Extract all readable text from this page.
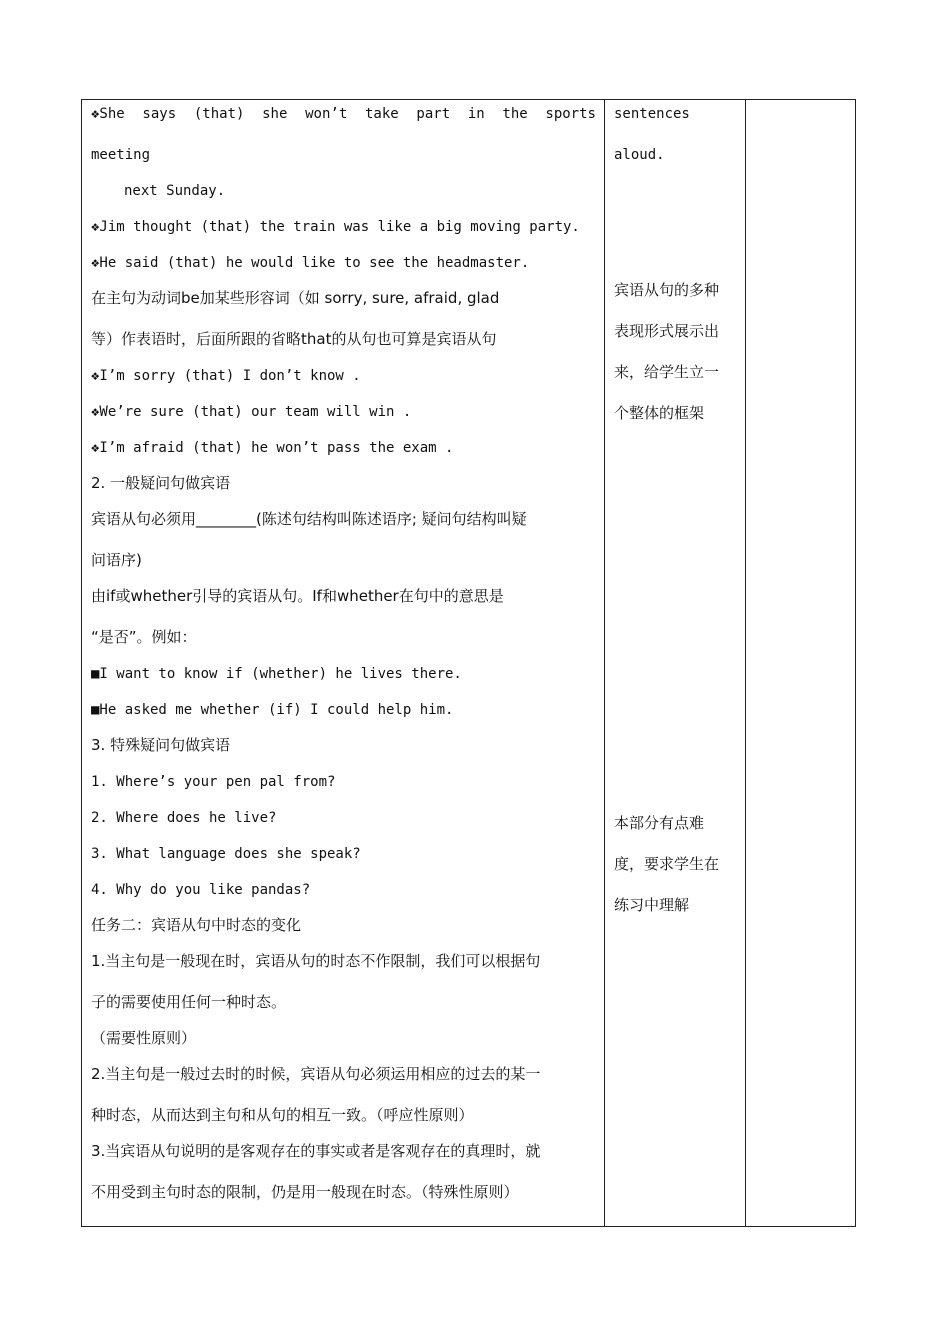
❖She says (that) she won’t take part in the sports
meeting
next Sunday.
❖Jim thought (that) the train was like a big moving party.
❖He said (that) he would like to see the headmaster.
在主句为动词be加某些形容词（如 sorry, sure, afraid, glad
等）作表语时，后面所跟的省略that的从句也可算是宾语从句
❖I’m sorry (that) I don’t know .
❖We’re sure (that) our team will win .
❖I’m afraid (that) he won’t pass the exam .
2. 一般疑问句做宾语
宾语从句必须用________(陈述句结构叫陈述语序; 疑问句结构叫疑
问语序)
由if或whether引导的宾语从句。If和whether在句中的意思是
“是否”。例如：
■I want to know if (whether) he lives there.
■He asked me whether (if) I could help him.
3. 特殊疑问句做宾语
1. Where’s your pen pal from?
2. Where does he live?
3. What language does she speak?
4. Why do you like pandas?
任务二：宾语从句中时态的变化
1.当主句是一般现在时，宾语从句的时态不作限制，我们可以根据句
子的需要使用任何一种时态。
（需要性原则）
2.当主句是一般过去时的时候，宾语从句必须运用相应的过去的某一
种时态，从而达到主句和从句的相互一致。（呼应性原则）
3.当宾语从句说明的是客观存在的事实或者是客观存在的真理时，就
不用受到主句时态的限制，仍是用一般现在时态。（特殊性原则）
sentences
aloud.
宾语从句的多种
表现形式展示出
来，给学生立一
个整体的框架
本部分有点难
度，要求学生在
练习中理解
